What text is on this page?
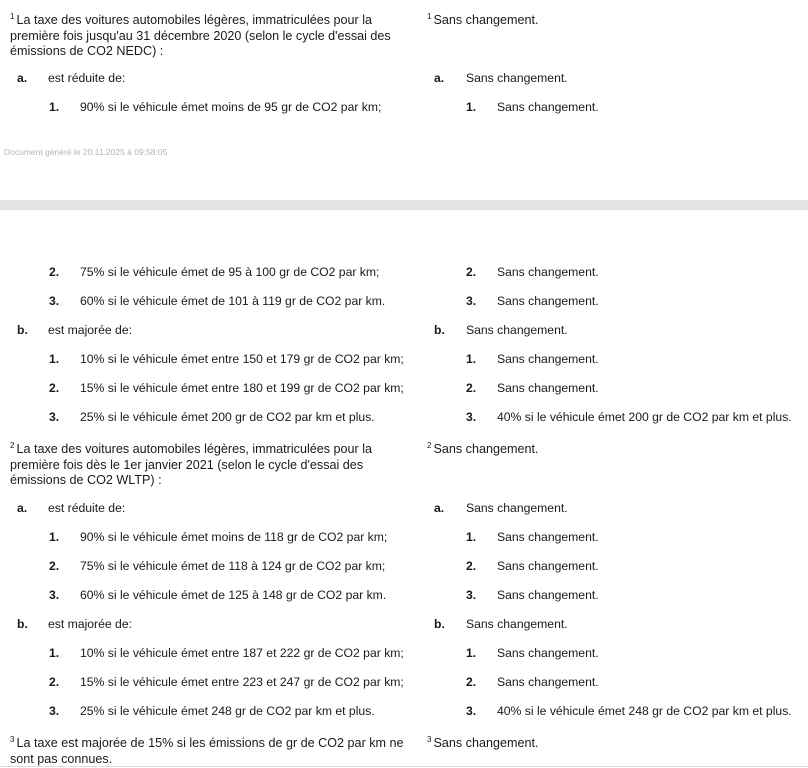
$^1$ La taxe des voitures automobiles légères, immatriculées pour la première fois jusqu'au 31 décembre 2020 (selon le cycle d'essai des émissions de CO2 NEDC) :
$^1$ Sans changement.
a. est réduite de:	a. Sans changement.
1. 90% si le véhicule émet moins de 95 gr de CO2 par km;	1. Sans changement.
Document généré le 20.11.2025 à 09:58:05
2. 75% si le véhicule émet de 95 à 100 gr de CO2 par km;
3. 60% si le véhicule émet de 101 à 119 gr de CO2 par km.
b. est majorée de:
1. 10% si le véhicule émet entre 150 et 179 gr de CO2 par km;
2. 15% si le véhicule émet entre 180 et 199 gr de CO2 par km;
3. 25% si le véhicule émet 200 gr de CO2 par km et plus.
$^2$ La taxe des voitures automobiles légères, immatriculées pour la première fois dès le 1er janvier 2021 (selon le cycle d'essai des émissions de CO2 WLTP) :
a. est réduite de:
1. 90% si le véhicule émet moins de 118 gr de CO2 par km;
2. 75% si le véhicule émet de 118 à 124 gr de CO2 par km;
3. 60% si le véhicule émet de 125 à 148 gr de CO2 par km.
b. est majorée de:
1. 10% si le véhicule émet entre 187 et 222 gr de CO2 par km;
2. 15% si le véhicule émet entre 223 et 247 gr de CO2 par km;
3. 25% si le véhicule émet 248 gr de CO2 par km et plus.
$^3$ La taxe est majorée de 15% si les émissions de gr de CO2 par km ne sont pas connues.
2. Sans changement.
3. Sans changement.
b. Sans changement.
1. Sans changement.
2. Sans changement.
3. 40% si le véhicule émet 200 gr de CO2 par km et plus.
$^2$ Sans changement.
a. Sans changement.
1. Sans changement.
2. Sans changement.
3. Sans changement.
b. Sans changement.
1. Sans changement.
2. Sans changement.
3. 40% si le véhicule émet 248 gr de CO2 par km et plus.
$^3$ Sans changement.
